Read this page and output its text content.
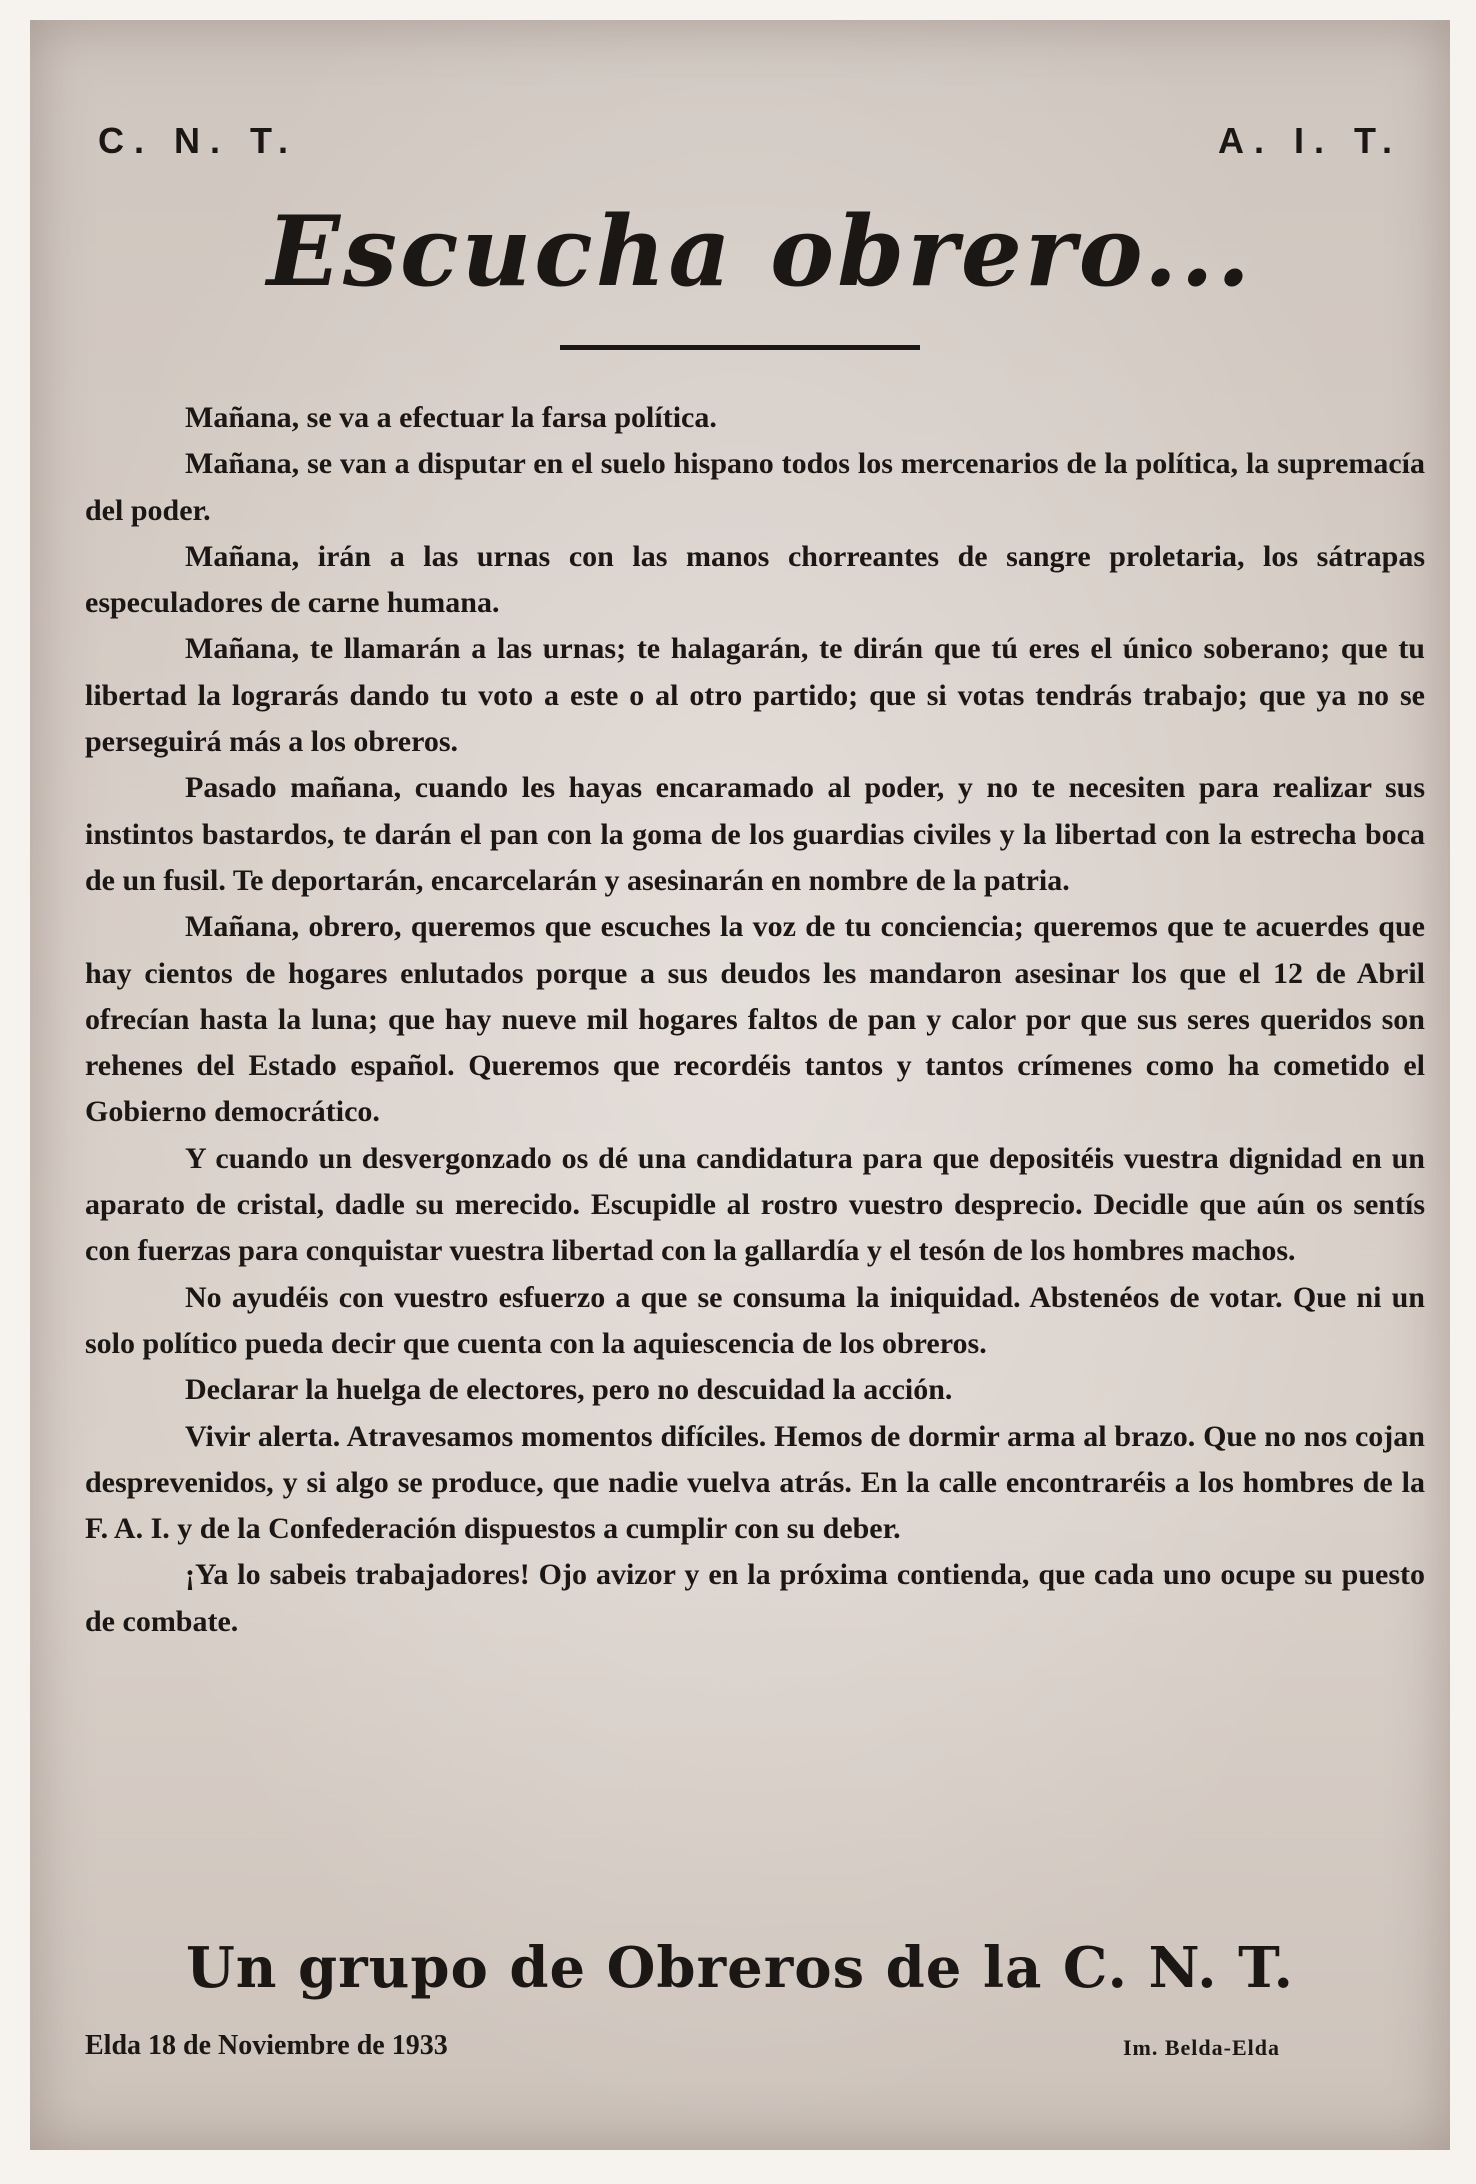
C. N. T.	A. I. T.
Escucha obrero...

Mañana, se va a efectuar la farsa política.

Mañana, se van a disputar en el suelo hispano todos los mercenarios de la política, la supremacía del poder.

Mañana, irán a las urnas con las manos chorreantes de sangre proletaria, los sátrapas especuladores de carne humana.

Mañana, te llamarán a las urnas; te halagarán, te dirán que tú eres el único soberano; que tu libertad la lograrás dando tu voto a este o al otro partido; que si votas tendrás trabajo; que ya no se perseguirá más a los obreros.

Pasado mañana, cuando les hayas encaramado al poder, y no te necesiten para realizar sus instintos bastardos, te darán el pan con la goma de los guardias civiles y la libertad con la estrecha boca de un fusil. Te deportarán, encarcelarán y asesinarán en nombre de la patria.

Mañana, obrero, queremos que escuches la voz de tu conciencia; queremos que te acuerdes que hay cientos de hogares enlutados porque a sus deudos les mandaron asesinar los que el 12 de Abril ofrecían hasta la luna; que hay nueve mil hogares faltos de pan y calor por que sus seres queridos son rehenes del Estado español. Queremos que recordéis tantos y tantos crímenes como ha cometido el Gobierno democrático.

Y cuando un desvergonzado os dé una candidatura para que depositéis vuestra dignidad en un aparato de cristal, dadle su merecido. Escupidle al rostro vuestro desprecio. Decidle que aún os sentís con fuerzas para conquistar vuestra libertad con la gallardía y el tesón de los hombres machos.

No ayudéis con vuestro esfuerzo a que se consuma la iniquidad. Abstenéos de votar. Que ni un solo político pueda decir que cuenta con la aquiescencia de los obreros.

Declarar la huelga de electores, pero no descuidad la acción.

Vivir alerta. Atravesamos momentos difíciles. Hemos de dormir arma al brazo. Que no nos cojan desprevenidos, y si algo se produce, que nadie vuelva atrás. En la calle encontraréis a los hombres de la F. A. I. y de la Confederación dispuestos a cumplir con su deber.

¡Ya lo sabeis trabajadores! Ojo avizor y en la próxima contienda, que cada uno ocupe su puesto de combate.

Un grupo de Obreros de la C. N. T.
Elda 18 de Noviembre de 1933	Im. Belda-Elda
